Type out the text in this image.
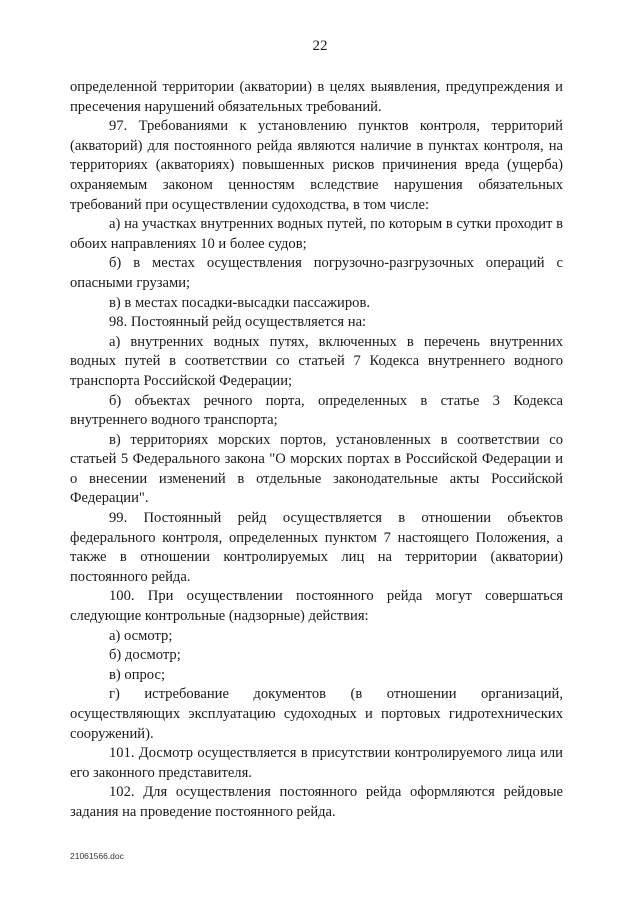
22

определенной территории (акватории) в целях выявления, предупреждения и пресечения нарушений обязательных требований.

97. Требованиями к установлению пунктов контроля, территорий (акваторий) для постоянного рейда являются наличие в пунктах контроля, на территориях (акваториях) повышенных рисков причинения вреда (ущерба) охраняемым законом ценностям вследствие нарушения обязательных требований при осуществлении судоходства, в том числе:

а) на участках внутренних водных путей, по которым в сутки проходит в обоих направлениях 10 и более судов;

б) в местах осуществления погрузочно-разгрузочных операций с опасными грузами;

в) в местах посадки-высадки пассажиров.

98. Постоянный рейд осуществляется на:

а) внутренних водных путях, включенных в перечень внутренних водных путей в соответствии со статьей 7 Кодекса внутреннего водного транспорта Российской Федерации;

б) объектах речного порта, определенных в статье 3 Кодекса внутреннего водного транспорта;

в) территориях морских портов, установленных в соответствии со статьей 5 Федерального закона "О морских портах в Российской Федерации и о внесении изменений в отдельные законодательные акты Российской Федерации".

99. Постоянный рейд осуществляется в отношении объектов федерального контроля, определенных пунктом 7 настоящего Положения, а также в отношении контролируемых лиц на территории (акватории) постоянного рейда.

100. При осуществлении постоянного рейда могут совершаться следующие контрольные (надзорные) действия:

а) осмотр;

б) досмотр;

в) опрос;

г) истребование документов (в отношении организаций, осуществляющих эксплуатацию судоходных и портовых гидротехнических сооружений).

101. Досмотр осуществляется в присутствии контролируемого лица или его законного представителя.

102. Для осуществления постоянного рейда оформляются рейдовые задания на проведение постоянного рейда.

21061566.doc
